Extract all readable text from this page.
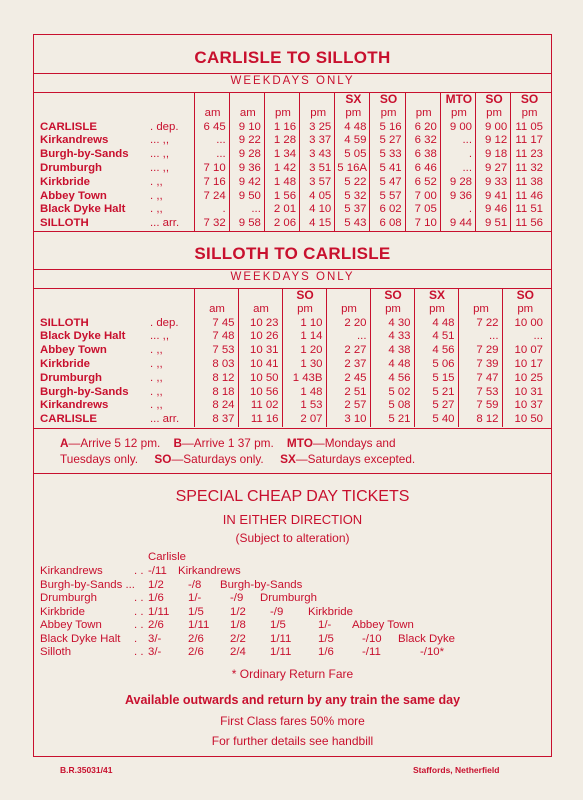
CARLISLE TO SILLOTH
WEEKDAYS ONLY
					SX	SO		MTO	SO	SO
	am	am	pm	pm	pm	pm	pm	pm	pm	pm
CARLISLE . dep.	6 45	9 10	1 16	3 25	4 48	5 16	6 20	9 00	9 00	11 05
Kirkandrews ... ,,	...	9 22	1 28	3 37	4 59	5 27	6 32	...	9 12	11 17
Burgh-by-Sands ... ,,	...	9 28	1 34	3 43	5 05	5 33	6 38	.	9 18	11 23
Drumburgh ... ,,	7 10	9 36	1 42	3 51	5 16A	5 41	6 46	...	9 27	11 32
Kirkbride . ,,	7 16	9 42	1 48	3 57	5 22	5 47	6 52	9 28	9 33	11 38
Abbey Town . ,,	7 24	9 50	1 56	4 05	5 32	5 57	7 00	9 36	9 41	11 46
Black Dyke Halt . ,,	.	...	2 01	4 10	5 37	6 02	7 05	.	9 46	11 51
SILLOTH ... arr.	7 32	9 58	2 06	4 15	5 43	6 08	7 10	9 44	9 51	11 56
SILLOTH TO CARLISLE
WEEKDAYS ONLY
			SO		SO	SX		SO
	am	am	pm	pm	pm	pm	pm	pm
SILLOTH . dep.	7 45	10 23	1 10	2 20	4 30	4 48	7 22	10 00
Black Dyke Halt ... ,,	7 48	10 26	1 14	...	4 33	4 51	...	...
Abbey Town . ,,	7 53	10 31	1 20	2 27	4 38	4 56	7 29	10 07
Kirkbride . ,,	8 03	10 41	1 30	2 37	4 48	5 06	7 39	10 17
Drumburgh . ,,	8 12	10 50	1 43B	2 45	4 56	5 15	7 47	10 25
Burgh-by-Sands . ,,	8 18	10 56	1 48	2 51	5 02	5 21	7 53	10 31
Kirkandrews . ,,	8 24	11 02	1 53	2 57	5 08	5 27	7 59	10 37
CARLISLE ... arr.	8 37	11 16	2 07	3 10	5 21	5 40	8 12	10 50
A—Arrive 5 12 pm. B—Arrive 1 37 pm. MTO—Mondays and
Tuesdays only. SO—Saturdays only. SX—Saturdays excepted.
SPECIAL CHEAP DAY TICKETS
IN EITHER DIRECTION
(Subject to alteration)
Carlisle
Kirkandrews	. . -/11 Kirkandrews
Burgh-by-Sands ... 1/2 -/8 Burgh-by-Sands
Drumburgh	. . 1/6 1/-	-/9 Drumburgh
Kirkbride	. . 1/11 1/5 1/2 -/9 Kirkbride
Abbey Town	. . 2/6 1/11 1/8 1/5	1/- Abbey Town
Black Dyke Halt . 3/- 2/6 2/2 1/11 1/5 -/10 Black Dyke
Silloth	. . 3/- 2/6 2/4 1/11 1/6 -/11	-/10*
* Ordinary Return Fare
Available outwards and return by any train the same day
First Class fares 50% more
For further details see handbill
B.R.35031/41	Staffords, Netherfield
